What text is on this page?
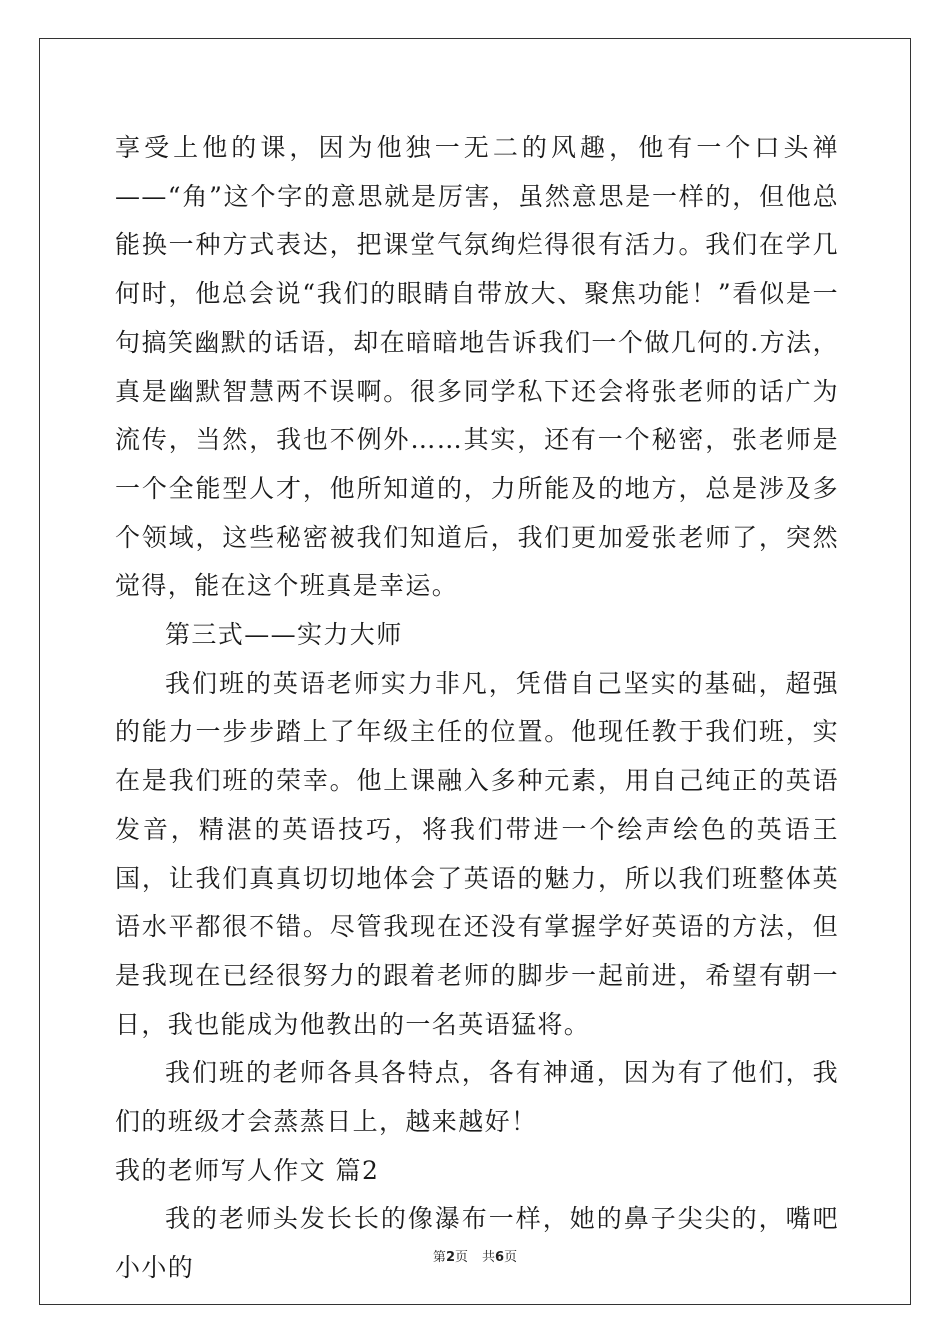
享受上他的课，因为他独一无二的风趣，他有一个口头禅——“角”这个字的意思就是厉害，虽然意思是一样的，但他总能换一种方式表达，把课堂气氛绚烂得很有活力。我们在学几何时，他总会说“我们的眼睛自带放大、聚焦功能！”看似是一句搞笑幽默的话语，却在暗暗地告诉我们一个做几何的.方法，真是幽默智慧两不误啊。很多同学私下还会将张老师的话广为流传，当然，我也不例外……其实，还有一个秘密，张老师是一个全能型人才，他所知道的，力所能及的地方，总是涉及多个领域，这些秘密被我们知道后，我们更加爱张老师了，突然觉得，能在这个班真是幸运。

第三式——实力大师

我们班的英语老师实力非凡，凭借自己坚实的基础，超强的能力一步步踏上了年级主任的位置。他现任教于我们班，实在是我们班的荣幸。他上课融入多种元素，用自己纯正的英语发音，精湛的英语技巧，将我们带进一个绘声绘色的英语王国，让我们真真切切地体会了英语的魅力，所以我们班整体英语水平都很不错。尽管我现在还没有掌握学好英语的方法，但是我现在已经很努力的跟着老师的脚步一起前进，希望有朝一日，我也能成为他教出的一名英语猛将。

我们班的老师各具各特点，各有神通，因为有了他们，我们的班级才会蒸蒸日上，越来越好！

我的老师写人作文 篇2

我的老师头发长长的像瀑布一样，她的鼻子尖尖的，嘴吧小小的	第2页 共6页
